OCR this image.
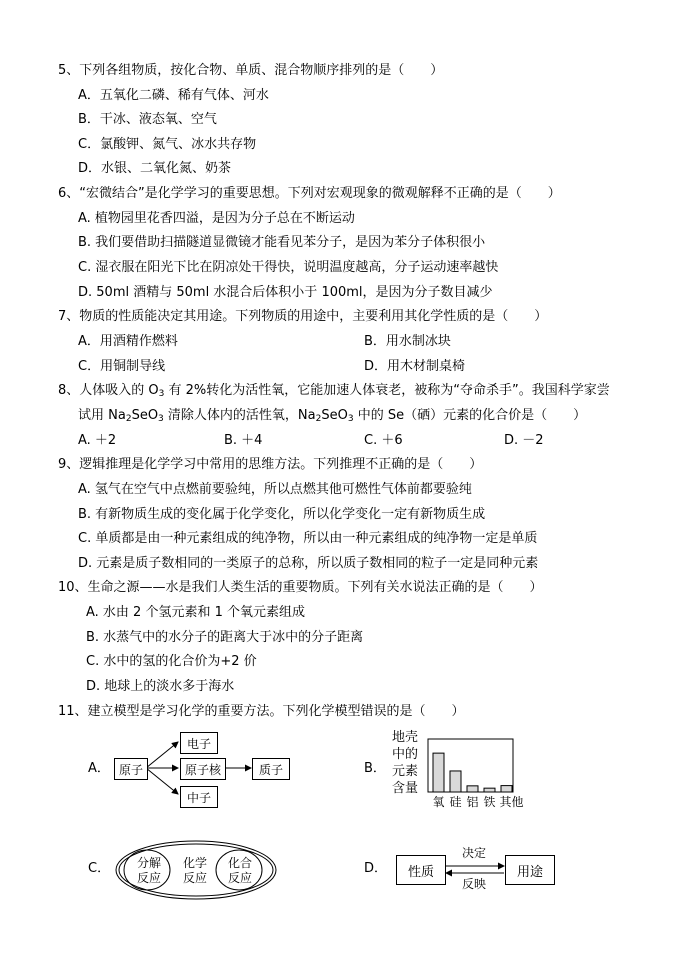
5、下列各组物质，按化合物、单质、混合物顺序排列的是（　　）
A．五氧化二磷、稀有气体、河水
B．干冰、液态氧、空气
C．氯酸钾、氮气、冰水共存物
D．水银、二氧化氮、奶茶
6、“宏微结合”是化学学习的重要思想。下列对宏观现象的微观解释不正确的是（　　）
A. 植物园里花香四溢，是因为分子总在不断运动
B. 我们要借助扫描隧道显微镜才能看见苯分子，是因为苯分子体积很小
C. 湿衣服在阳光下比在阴凉处干得快，说明温度越高，分子运动速率越快
D. 50ml 酒精与 50ml 水混合后体积小于 100ml，是因为分子数目减少
7、物质的性质能决定其用途。下列物质的用途中，主要利用其化学性质的是（　　）
A．用酒精作燃料	B．用水制冰块
C．用铜制导线	D．用木材制桌椅
8、人体吸入的 $O_3$ 有 2%转化为活性氧，它能加速人体衰老，被称为“夺命杀手”。我国科学家尝
试用 $Na_2SeO_3$ 清除人体内的活性氧，$Na_2SeO_3$ 中的 Se（硒）元素的化合价是（　　）
A. ＋2	B. ＋4	C. ＋6	D. －2
9、逻辑推理是化学学习中常用的思维方法。下列推理不正确的是（　　）
A. 氢气在空气中点燃前要验纯，所以点燃其他可燃性气体前都要验纯
B. 有新物质生成的变化属于化学变化，所以化学变化一定有新物质生成
C. 单质都是由一种元素组成的纯净物，所以由一种元素组成的纯净物一定是单质
D. 元素是质子数相同的一类原子的总称，所以质子数相同的粒子一定是同种元素
10、生命之源——水是我们人类生活的重要物质。下列有关水说法正确的是（　　）
A. 水由 2 个氢元素和 1 个氧元素组成
B. 水蒸气中的水分子的距离大于冰中的分子距离
C. 水中的氢的化合价为+2 价
D. 地球上的淡水多于海水
11、建立模型是学习化学的重要方法。下列化学模型错误的是（　　）
A． 原子
电子
原子核	质子
中子
B．
地壳中的元素含量
氧 硅 铝 铁 其他
C． 分解
反应
化学
反应
化合
反应
D．	性质	用途
决定
反映
